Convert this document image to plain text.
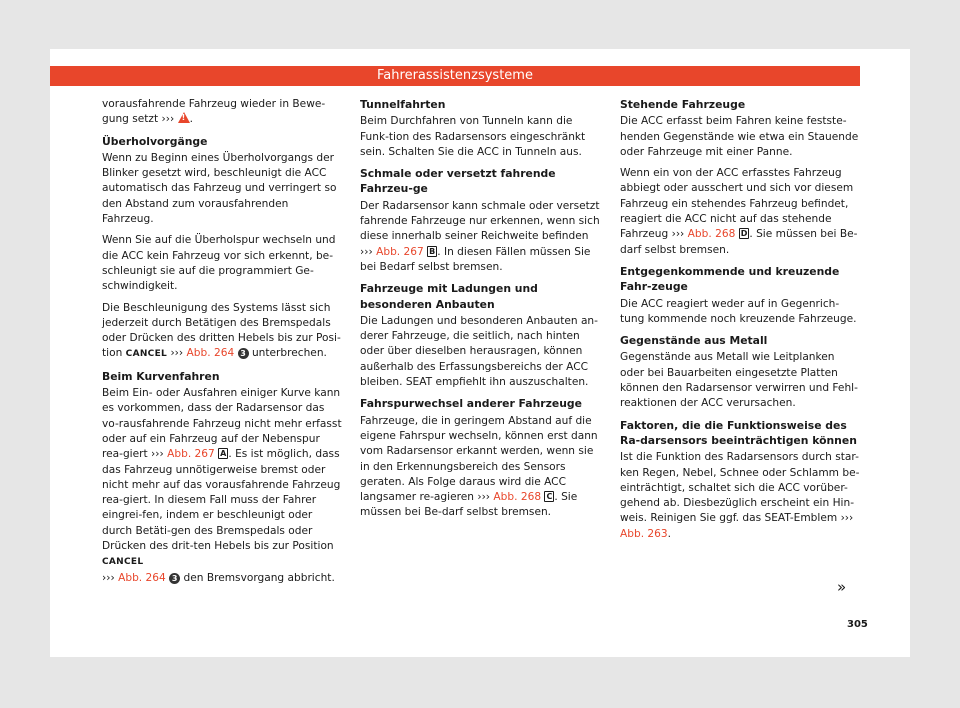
Fahrerassistenzsysteme

vorausfahrende Fahrzeug wieder in Bewe-gung setzt ››› ! .

Überholvorgänge

Wenn zu Beginn eines Überholvorgangs der Blinker gesetzt wird, beschleunigt die ACC automatisch das Fahrzeug und verringert so den Abstand zum vorausfahrenden Fahrzeug.

Wenn Sie auf die Überholspur wechseln und die ACC kein Fahrzeug vor sich erkennt, be-schleunigt sie auf die programmiert Ge-schwindigkeit.

Die Beschleunigung des Systems lässt sich jederzeit durch Betätigen des Bremspedals oder Drücken des dritten Hebels bis zur Posi-tion CANCEL ››› Abb. 264 3 unterbrechen.

Beim Kurvenfahren

Beim Ein- oder Ausfahren einiger Kurve kann es vorkommen, dass der Radarsensor das vo-rausfahrende Fahrzeug nicht mehr erfasst oder auf ein Fahrzeug auf der Nebenspur rea-giert ››› Abb. 267 A . Es ist möglich, dass das Fahrzeug unnötigerweise bremst oder nicht mehr auf das vorausfahrende Fahrzeug rea-giert. In diesem Fall muss der Fahrer eingrei-fen, indem er beschleunigt oder durch Betäti-gen des Bremspedals oder Drücken des drit-ten Hebels bis zur Position CANCEL
››› Abb. 264 3 den Bremsvorgang abbricht.

Tunnelfahrten

Beim Durchfahren von Tunneln kann die Funk-tion des Radarsensors eingeschränkt sein. Schalten Sie die ACC in Tunneln aus.

Schmale oder versetzt fahrende Fahrzeu-ge

Der Radarsensor kann schmale oder versetzt fahrende Fahrzeuge nur erkennen, wenn sich diese innerhalb seiner Reichweite befinden ››› Abb. 267 B . In diesen Fällen müssen Sie bei Bedarf selbst bremsen.

Fahrzeuge mit Ladungen und besonderen Anbauten

Die Ladungen und besonderen Anbauten an-derer Fahrzeuge, die seitlich, nach hinten oder über dieselben herausragen, können außerhalb des Erfassungsbereichs der ACC bleiben. SEAT empfiehlt ihn auszuschalten.

Fahrspurwechsel anderer Fahrzeuge

Fahrzeuge, die in geringem Abstand auf die eigene Fahrspur wechseln, können erst dann vom Radarsensor erkannt werden, wenn sie in den Erkennungsbereich des Sensors geraten. Als Folge daraus wird die ACC langsamer re-agieren ››› Abb. 268 C . Sie müssen bei Be-darf selbst bremsen.

Stehende Fahrzeuge

Die ACC erfasst beim Fahren keine festste-henden Gegenstände wie etwa ein Stauende oder Fahrzeuge mit einer Panne.

Wenn ein von der ACC erfasstes Fahrzeug abbiegt oder ausschert und sich vor diesem Fahrzeug ein stehendes Fahrzeug befindet, reagiert die ACC nicht auf das stehende Fahrzeug ››› Abb. 268 D . Sie müssen bei Be-darf selbst bremsen.

Entgegenkommende und kreuzende Fahr-zeuge

Die ACC reagiert weder auf in Gegenrich-tung kommende noch kreuzende Fahrzeuge.

Gegenstände aus Metall

Gegenstände aus Metall wie Leitplanken oder bei Bauarbeiten eingesetzte Platten können den Radarsensor verwirren und Fehl-reaktionen der ACC verursachen.

Faktoren, die die Funktionsweise des Ra-darsensors beeinträchtigen können

Ist die Funktion des Radarsensors durch star-ken Regen, Nebel, Schnee oder Schlamm be-einträchtigt, schaltet sich die ACC vorüber-gehend ab. Diesbezüglich erscheint ein Hin-weis. Reinigen Sie ggf. das SEAT-Emblem ››› Abb. 263.

»
305
